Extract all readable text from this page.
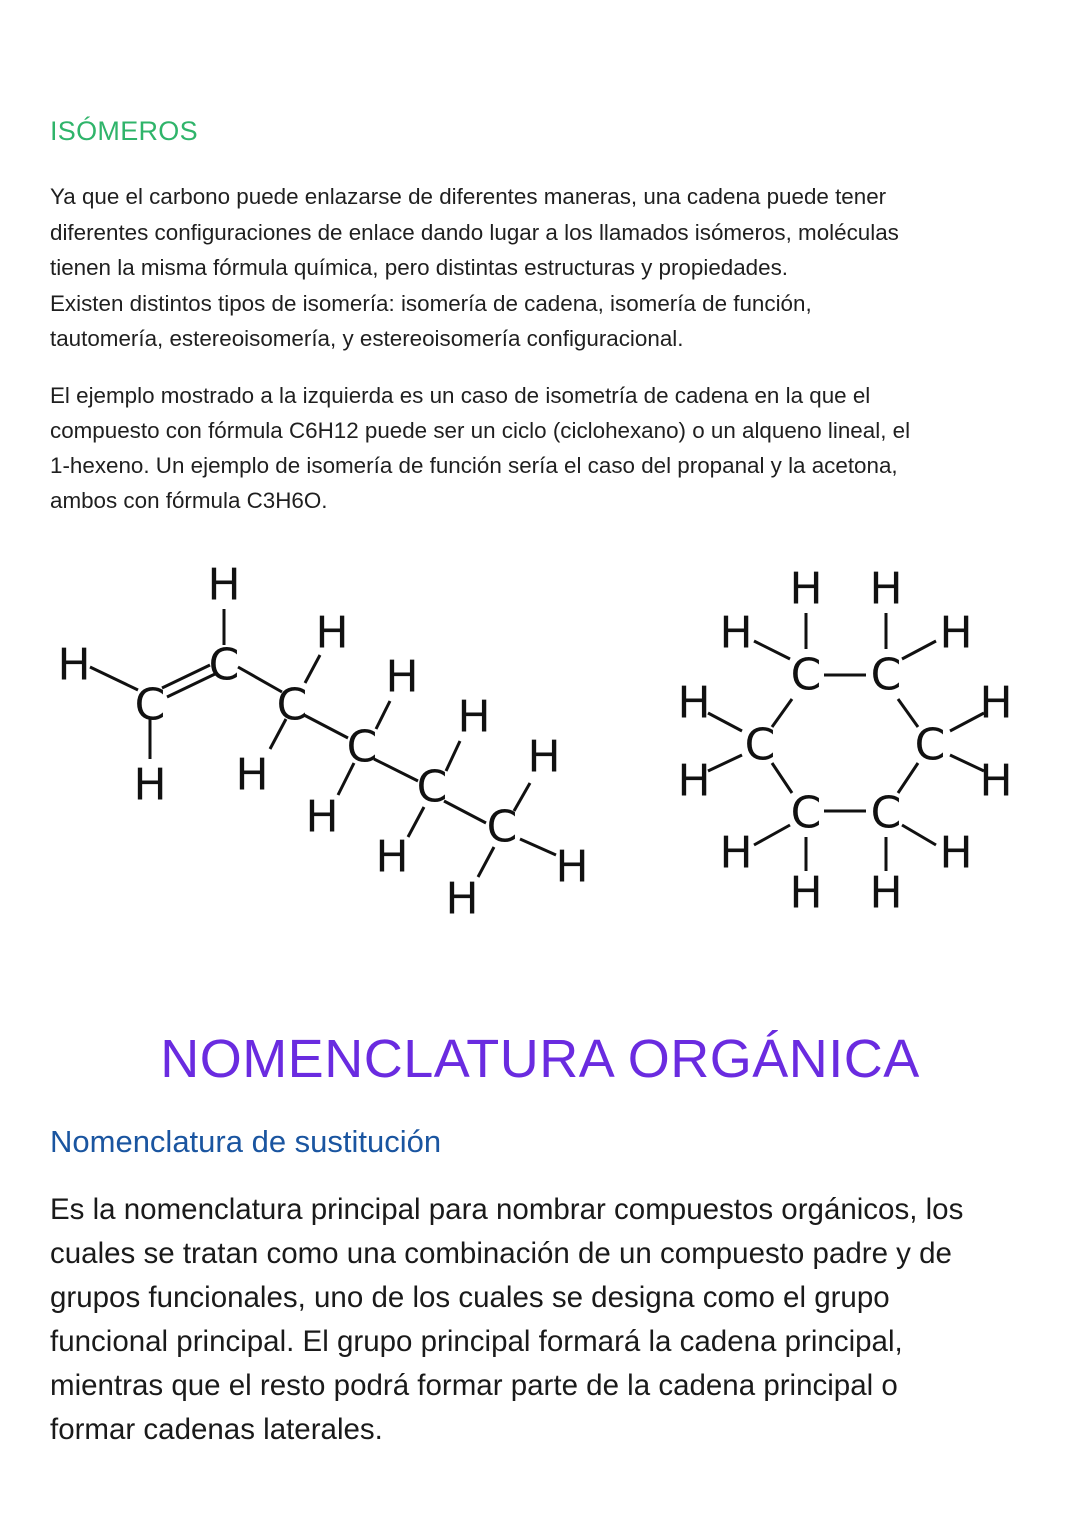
ISÓMEROS

Ya que el carbono puede enlazarse de diferentes maneras, una cadena puede tener
diferentes configuraciones de enlace dando lugar a los llamados isómeros, moléculas
tienen la misma fórmula química, pero distintas estructuras y propiedades.
Existen distintos tipos de isomería: isomería de cadena, isomería de función,
tautomería, estereoisomería, y estereoisomería configuracional.

El ejemplo mostrado a la izquierda es un caso de isometría de cadena en la que el
compuesto con fórmula C6H12 puede ser un ciclo (ciclohexano) o un alqueno lineal, el
1-hexeno. Un ejemplo de isomería de función sería el caso del propanal y la acetona,
ambos con fórmula C3H6O.

H
C
H
C
H
C
H
H
C
H
H
C
H
H
C
H
H
H
C C
C	C
C C
H H
H	H
H	H
H	H
H	H
H H
NOMENCLATURA ORGÁNICA
Nomenclatura de sustitución

Es la nomenclatura principal para nombrar compuestos orgánicos, los
cuales se tratan como una combinación de un compuesto padre y de
grupos funcionales, uno de los cuales se designa como el grupo
funcional principal. El grupo principal formará la cadena principal,
mientras que el resto podrá formar parte de la cadena principal o
formar cadenas laterales.
